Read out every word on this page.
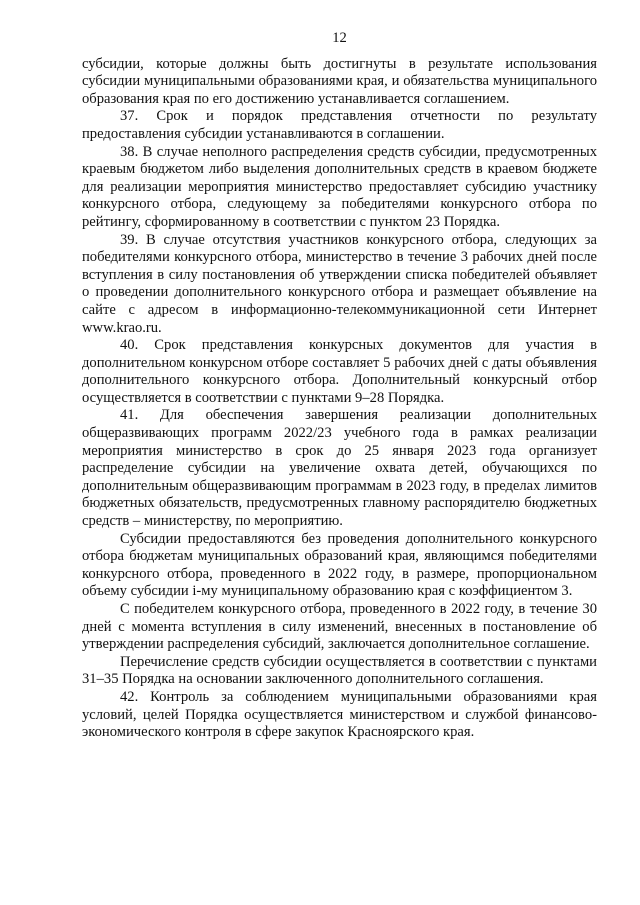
12

субсидии, которые должны быть достигнуты в результате использования субсидии муниципальными образованиями края, и обязательства муниципального образования края по его достижению устанавливается соглашением.

37. Срок и порядок представления отчетности по результату предоставления субсидии устанавливаются в соглашении.

38. В случае неполного распределения средств субсидии, предусмотренных краевым бюджетом либо выделения дополнительных средств в краевом бюджете для реализации мероприятия министерство предоставляет субсидию участнику конкурсного отбора, следующему за победителями конкурсного отбора по рейтингу, сформированному в соответствии с пунктом 23 Порядка.

39. В случае отсутствия участников конкурсного отбора, следующих за победителями конкурсного отбора, министерство в течение 3 рабочих дней после вступления в силу постановления об утверждении списка победителей объявляет о проведении дополнительного конкурсного отбора и размещает объявление на сайте с адресом в информационно-телекоммуникационной сети Интернет www.krao.ru.

40. Срок представления конкурсных документов для участия в дополнительном конкурсном отборе составляет 5 рабочих дней с даты объявления дополнительного конкурсного отбора. Дополнительный конкурсный отбор осуществляется в соответствии с пунктами 9–28 Порядка.

41. Для обеспечения завершения реализации дополнительных общеразвивающих программ 2022/23 учебного года в рамках реализации мероприятия министерство в срок до 25 января 2023 года организует распределение субсидии на увеличение охвата детей, обучающихся по дополнительным общеразвивающим программам в 2023 году, в пределах лимитов бюджетных обязательств, предусмотренных главному распорядителю бюджетных средств – министерству, по мероприятию.

Субсидии предоставляются без проведения дополнительного конкурсного отбора бюджетам муниципальных образований края, являющимся победителями конкурсного отбора, проведенного в 2022 году, в размере, пропорциональном объему субсидии i-му муниципальному образованию края с коэффициентом 3.

С победителем конкурсного отбора, проведенного в 2022 году, в течение 30 дней с момента вступления в силу изменений, внесенных в постановление об утверждении распределения субсидий, заключается дополнительное соглашение.

Перечисление средств субсидии осуществляется в соответствии с пунктами 31–35 Порядка на основании заключенного дополнительного соглашения.

42. Контроль за соблюдением муниципальными образованиями края условий, целей Порядка осуществляется министерством и службой финансово-экономического контроля в сфере закупок Красноярского края.
